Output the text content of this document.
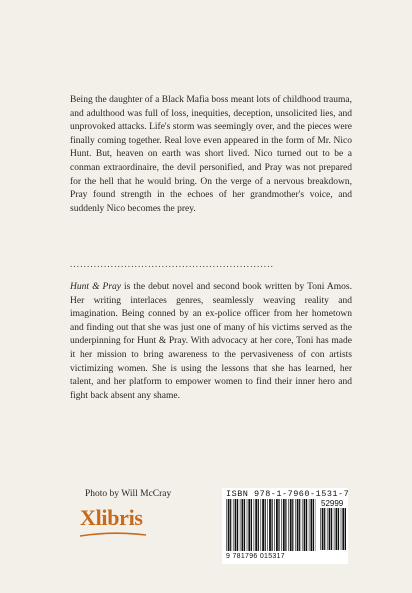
Being the daughter of a Black Mafia boss meant lots of childhood trauma, and adulthood was full of loss, inequities, deception, unsolicited lies, and unprovoked attacks. Life's storm was seemingly over, and the pieces were finally coming together. Real love even appeared in the form of Mr. Nico Hunt. But, heaven on earth was short lived. Nico turned out to be a conman extraordinaire, the devil personified, and Pray was not prepared for the hell that he would bring. On the verge of a nervous breakdown, Pray found strength in the echoes of her grandmother's voice, and suddenly Nico becomes the prey.

............................................................

Hunt & Pray is the debut novel and second book written by Toni Amos. Her writing interlaces genres, seamlessly weaving reality and imagination. Being conned by an ex-police officer from her hometown and finding out that she was just one of many of his victims served as the underpinning for Hunt & Pray. With advocacy at her core, Toni has made it her mission to bring awareness to the pervasiveness of con artists victimizing women. She is using the lessons that she has learned, her talent, and her platform to empower women to find their inner hero and fight back absent any shame.

Photo by Will McCray
Xlibris
ISBN 978-1-7960-1531-7
52999
9 781796 015317
